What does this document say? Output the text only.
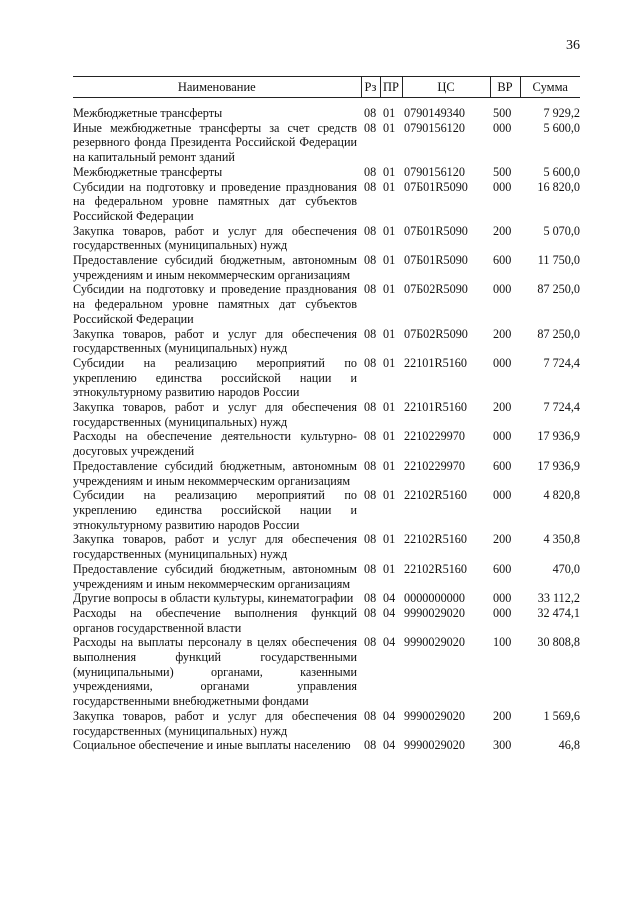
36
Наименование	Рз	ПР	ЦС	ВР	Сумма
Межбюджетные трансферты	08	01	0790149340	500	7 929,2
Иные межбюджетные трансферты за счет средств резервного фонда Президента Российской Федерации на капитальный ремонт зданий	08	01	0790156120	000	5 600,0
Межбюджетные трансферты	08	01	0790156120	500	5 600,0
Субсидии на подготовку и проведение празднования на федеральном уровне памятных дат субъектов Российской Федерации	08	01	07Б01R5090	000	16 820,0
Закупка товаров, работ и услуг для обеспечения государственных (муниципальных) нужд	08	01	07Б01R5090	200	5 070,0
Предоставление субсидий бюджетным, автономным учреждениям и иным некоммерческим организациям	08	01	07Б01R5090	600	11 750,0
Субсидии на подготовку и проведение празднования на федеральном уровне памятных дат субъектов Российской Федерации	08	01	07Б02R5090	000	87 250,0
Закупка товаров, работ и услуг для обеспечения государственных (муниципальных) нужд	08	01	07Б02R5090	200	87 250,0
Субсидии на реализацию мероприятий по укреплению единства российской нации и этнокультурному развитию народов России	08	01	22101R5160	000	7 724,4
Закупка товаров, работ и услуг для обеспечения государственных (муниципальных) нужд	08	01	22101R5160	200	7 724,4
Расходы на обеспечение деятельности культурно-досуговых учреждений	08	01	2210229970	000	17 936,9
Предоставление субсидий бюджетным, автономным учреждениям и иным некоммерческим организациям	08	01	2210229970	600	17 936,9
Субсидии на реализацию мероприятий по укреплению единства российской нации и этнокультурному развитию народов России	08	01	22102R5160	000	4 820,8
Закупка товаров, работ и услуг для обеспечения государственных (муниципальных) нужд	08	01	22102R5160	200	4 350,8
Предоставление субсидий бюджетным, автономным учреждениям и иным некоммерческим организациям	08	01	22102R5160	600	470,0
Другие вопросы в области культуры, кинематографии	08	04	0000000000	000	33 112,2
Расходы на обеспечение выполнения функций органов государственной власти	08	04	9990029020	000	32 474,1
Расходы на выплаты персоналу в целях обеспечения выполнения функций государственными (муниципальными) органами, казенными учреждениями, органами управления государственными внебюджетными фондами	08	04	9990029020	100	30 808,8
Закупка товаров, работ и услуг для обеспечения государственных (муниципальных) нужд	08	04	9990029020	200	1 569,6
Социальное обеспечение и иные выплаты населению	08	04	9990029020	300	46,8
